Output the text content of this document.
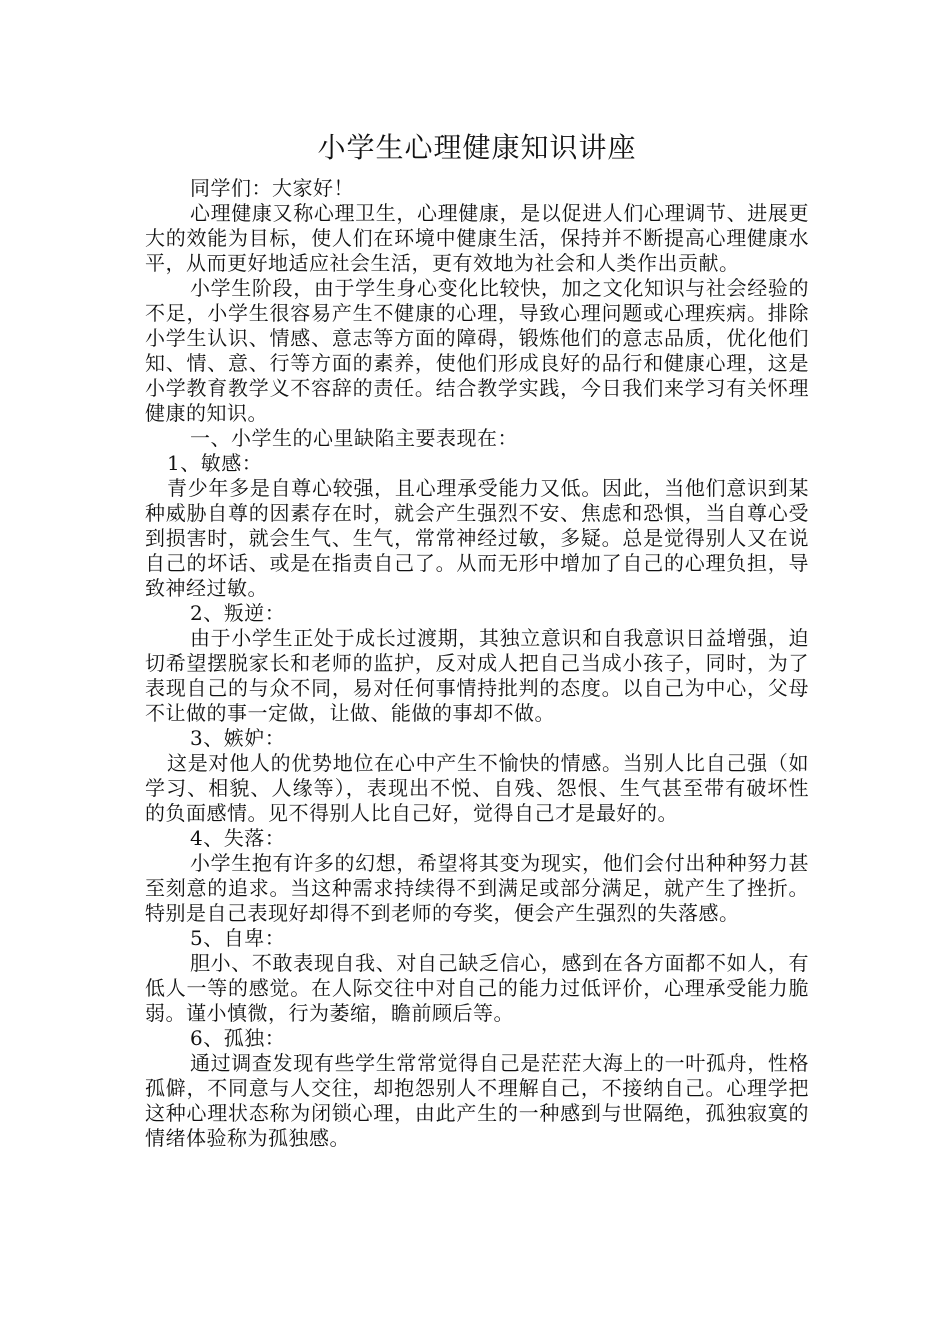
小学生心理健康知识讲座

同学们：大家好！

心理健康又称心理卫生，心理健康，是以促进人们心理调节、进展更大的效能为目标，使人们在环境中健康生活，保持并不断提高心理健康水平，从而更好地适应社会生活，更有效地为社会和人类作出贡献。

小学生阶段，由于学生身心变化比较快，加之文化知识与社会经验的不足，小学生很容易产生不健康的心理，导致心理问题或心理疾病。排除小学生认识、情感、意志等方面的障碍，锻炼他们的意志品质，优化他们知、情、意、行等方面的素养，使他们形成良好的品行和健康心理，这是小学教育教学义不容辞的责任。结合教学实践，今日我们来学习有关怀理健康的知识。

一、小学生的心里缺陷主要表现在：

1、敏感：

青少年多是自尊心较强，且心理承受能力又低。因此，当他们意识到某种威胁自尊的因素存在时，就会产生强烈不安、焦虑和恐惧，当自尊心受到损害时，就会生气、生气，常常神经过敏，多疑。总是觉得别人又在说自己的坏话、或是在指责自己了。从而无形中增加了自己的心理负担，导致神经过敏。

2、叛逆：

由于小学生正处于成长过渡期，其独立意识和自我意识日益增强，迫切希望摆脱家长和老师的监护，反对成人把自己当成小孩子，同时，为了表现自己的与众不同，易对任何事情持批判的态度。以自己为中心，父母不让做的事一定做，让做、能做的事却不做。

3、嫉妒：

这是对他人的优势地位在心中产生不愉快的情感。当别人比自己强（如学习、相貌、人缘等），表现出不悦、自残、怨恨、生气甚至带有破坏性的负面感情。见不得别人比自己好，觉得自己才是最好的。

4、失落：

小学生抱有许多的幻想，希望将其变为现实，他们会付出种种努力甚至刻意的追求。当这种需求持续得不到满足或部分满足，就产生了挫折。特别是自己表现好却得不到老师的夸奖，便会产生强烈的失落感。

5、自卑：

胆小、不敢表现自我、对自己缺乏信心，感到在各方面都不如人，有低人一等的感觉。在人际交往中对自己的能力过低评价，心理承受能力脆弱。谨小慎微，行为萎缩，瞻前顾后等。

6、孤独：

通过调查发现有些学生常常觉得自己是茫茫大海上的一叶孤舟，性格孤僻，不同意与人交往，却抱怨别人不理解自己，不接纳自己。心理学把这种心理状态称为闭锁心理，由此产生的一种感到与世隔绝，孤独寂寞的情绪体验称为孤独感。
